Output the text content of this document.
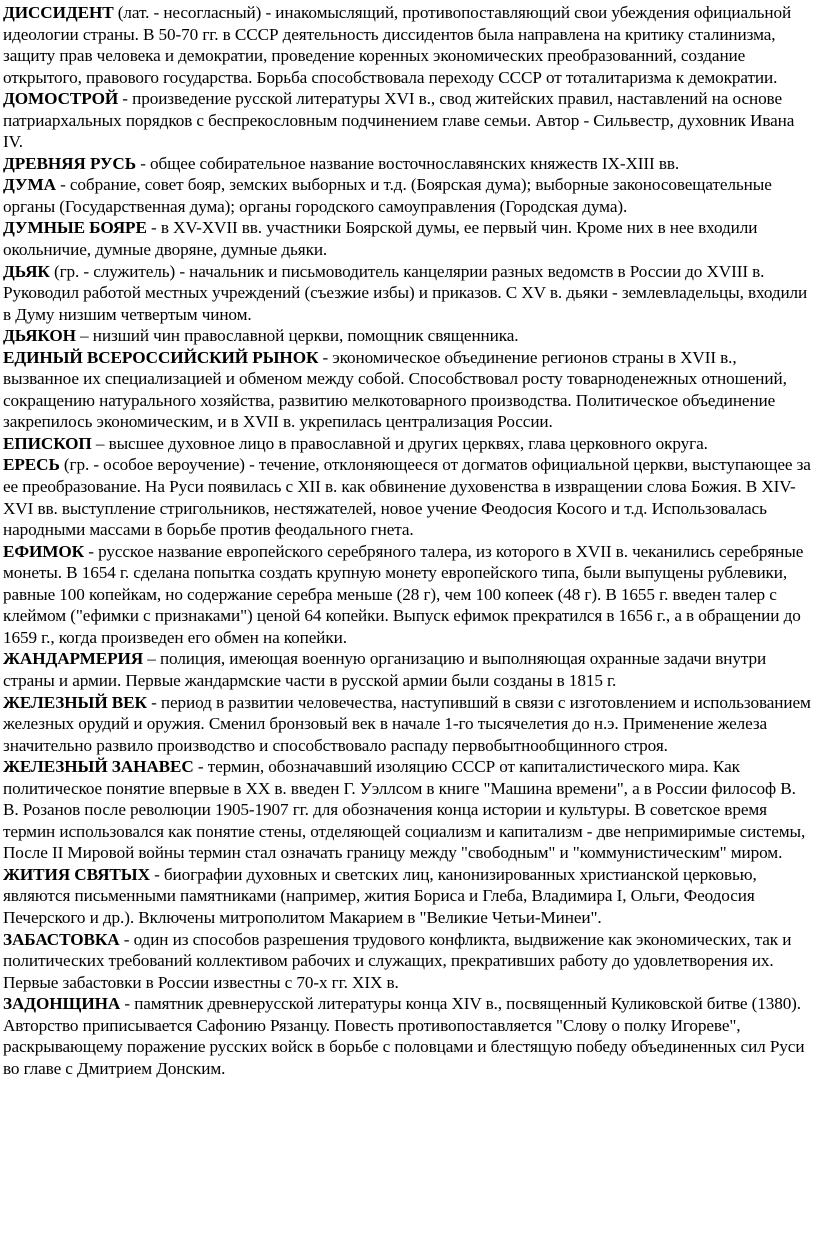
ДИССИДЕНТ (лат. - несогласный) - инакомыслящий, противопоставляющий свои убеждения официальной идеологии страны. В 50-70 гг. в СССР деятельность диссидентов была направлена на критику сталинизма, защиту прав человека и демократии, проведение коренных экономических преобразованний, создание открытого, правового государства. Борьба способствовала переходу СССР от тоталитаризма к демократии.

ДОМОСТРОЙ - произведение русской литературы XVI в., свод житейских правил, наставлений на основе патриархальных порядков с беспрекословным подчинением главе семьи. Автор - Сильвестр, духовник Ивана IV.

ДРЕВНЯЯ РУСЬ - общее собирательное название восточнославянских княжеств IX-XIII вв.

ДУМА - собрание, совет бояр, земских выборных и т.д. (Боярская дума); выборные законосовещательные органы (Государственная дума); органы городского самоуправления (Городская дума).

ДУМНЫЕ БОЯРЕ - в XV-XVII вв. участники Боярской думы, ее первый чин. Кроме них в нее входили окольничие, думные дворяне, думные дьяки.

ДЬЯК (гр. - служитель) - начальник и письмоводитель канцелярии разных ведомств в России до XVIII в. Руководил работой местных учреждений (съезжие избы) и приказов. С XV в. дьяки - землевладельцы, входили в Думу низшим четвертым чином.

ДЬЯКОН – низший чин православной церкви, помощник священника.

ЕДИНЫЙ ВСЕРОССИЙСКИЙ РЫНОК - экономическое объединение регионов страны в XVII в., вызванное их специализацией и обменом между собой. Способствовал росту товарноденежных отношений, сокращению натурального хозяйства, развитию мелкотоварного производства. Политическое объединение закрепилось экономическим, и в XVII в. укрепилась централизация России.

ЕПИСКОП – высшее духовное лицо в православной и других церквях, глава церковного округа.

ЕРЕСЬ (гр. - особое вероучение) - течение, отклоняющееся от догматов официальной церкви, выступающее за ее преобразование. На Руси появилась с XII в. как обвинение духовенства в извращении слова Божия. В XIV-XVI вв. выступление стригольников, нестяжателей, новое учение Феодосия Косого и т.д. Использовалась народными массами в борьбе против феодального гнета.

ЕФИМОК - русское название европейского серебряного талера, из которого в XVII в. чеканились серебряные монеты. В 1654 г. сделана попытка создать крупную монету европейского типа, были выпущены рублевики, равные 100 копейкам, но содержание серебра меньше (28 г), чем 100 копеек (48 г). В 1655 г. введен талер с клеймом ("ефимки с признаками") ценой 64 копейки. Выпуск ефимок прекратился в 1656 г., а в обращении до 1659 г., когда произведен его обмен на копейки.

ЖАНДАРМЕРИЯ – полиция, имеющая военную организацию и выполняющая охранные задачи внутри страны и армии. Первые жандармские части в русской армии были созданы в 1815 г.

ЖЕЛЕЗНЫЙ ВЕК - период в развитии человечества, наступивший в связи с изготовлением и использованием железных орудий и оружия. Сменил бронзовый век в начале 1-го тысячелетия до н.э. Применение железа значительно развило производство и способствовало распаду первобытнообщинного строя.

ЖЕЛЕЗНЫЙ ЗАНАВЕС - термин, обозначавший изоляцию СССР от капиталистического мира. Как политическое понятие впервые в XX в. введен Г. Уэллсом в книге "Машина времени", а в России философ В. В. Розанов после революции 1905-1907 гг. для обозначения конца истории и культуры. В советское время термин использовался как понятие стены, отделяющей социализм и капитализм - две непримиримые системы, После II Мировой войны термин стал означать границу между "свободным" и "коммунистическим" миром.

ЖИТИЯ СВЯТЫХ - биографии духовных и светских лиц, канонизированных христианской церковью, являются письменными памятниками (например, жития Бориса и Глеба, Владимира I, Ольги, Феодосия Печерского и др.). Включены митрополитом Макарием в "Великие Четьи-Минеи".

ЗАБАСТОВКА - один из способов разрешения трудового конфликта, выдвижение как экономических, так и политических требований коллективом рабочих и служащих, прекративших работу до удовлетворения их. Первые забастовки в России известны с 70-х гг. XIX в.

ЗАДОНЩИНА - памятник древнерусской литературы конца XIV в., посвященный Куликовской битве (1380). Авторство приписывается Сафонию Рязанцу. Повесть противопоставляется "Слову о полку Игореве", раскрывающему поражение русских войск в борьбе с половцами и блестящую победу объединенных сил Руси во главе с Дмитрием Донским.
